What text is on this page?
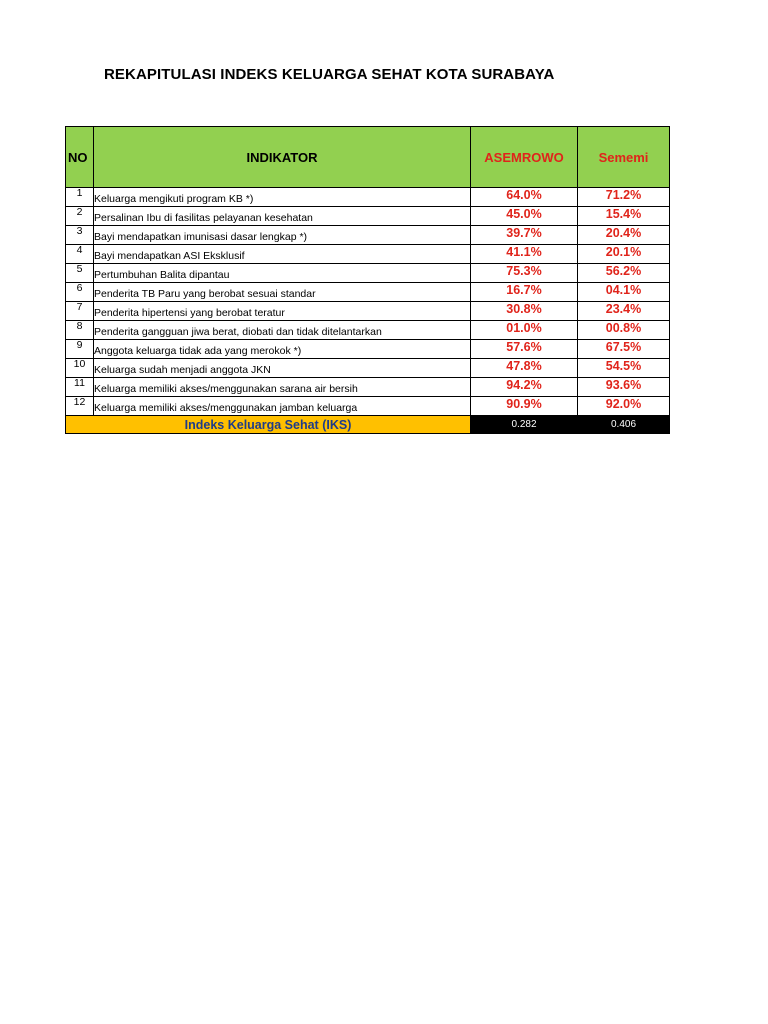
REKAPITULASI INDEKS KELUARGA SEHAT KOTA SURABAYA
NO	INDIKATOR	ASEMROWO	Sememi
1	Keluarga mengikuti program KB *)	64.0%	71.2%
2	Persalinan Ibu di fasilitas pelayanan kesehatan	45.0%	15.4%
3	Bayi mendapatkan imunisasi dasar lengkap *)	39.7%	20.4%
4	Bayi mendapatkan ASI Eksklusif	41.1%	20.1%
5	Pertumbuhan Balita dipantau	75.3%	56.2%
6	Penderita TB Paru yang berobat sesuai standar	16.7%	04.1%
7	Penderita hipertensi yang berobat teratur	30.8%	23.4%
8	Penderita gangguan jiwa berat, diobati dan tidak ditelantarkan	01.0%	00.8%
9	Anggota keluarga tidak ada yang merokok *)	57.6%	67.5%
10	Keluarga sudah menjadi anggota JKN	47.8%	54.5%
11	Keluarga memiliki akses/menggunakan sarana air bersih	94.2%	93.6%
12	Keluarga memiliki akses/menggunakan jamban keluarga	90.9%	92.0%
Indeks Keluarga Sehat (IKS)		0.282	0.406
